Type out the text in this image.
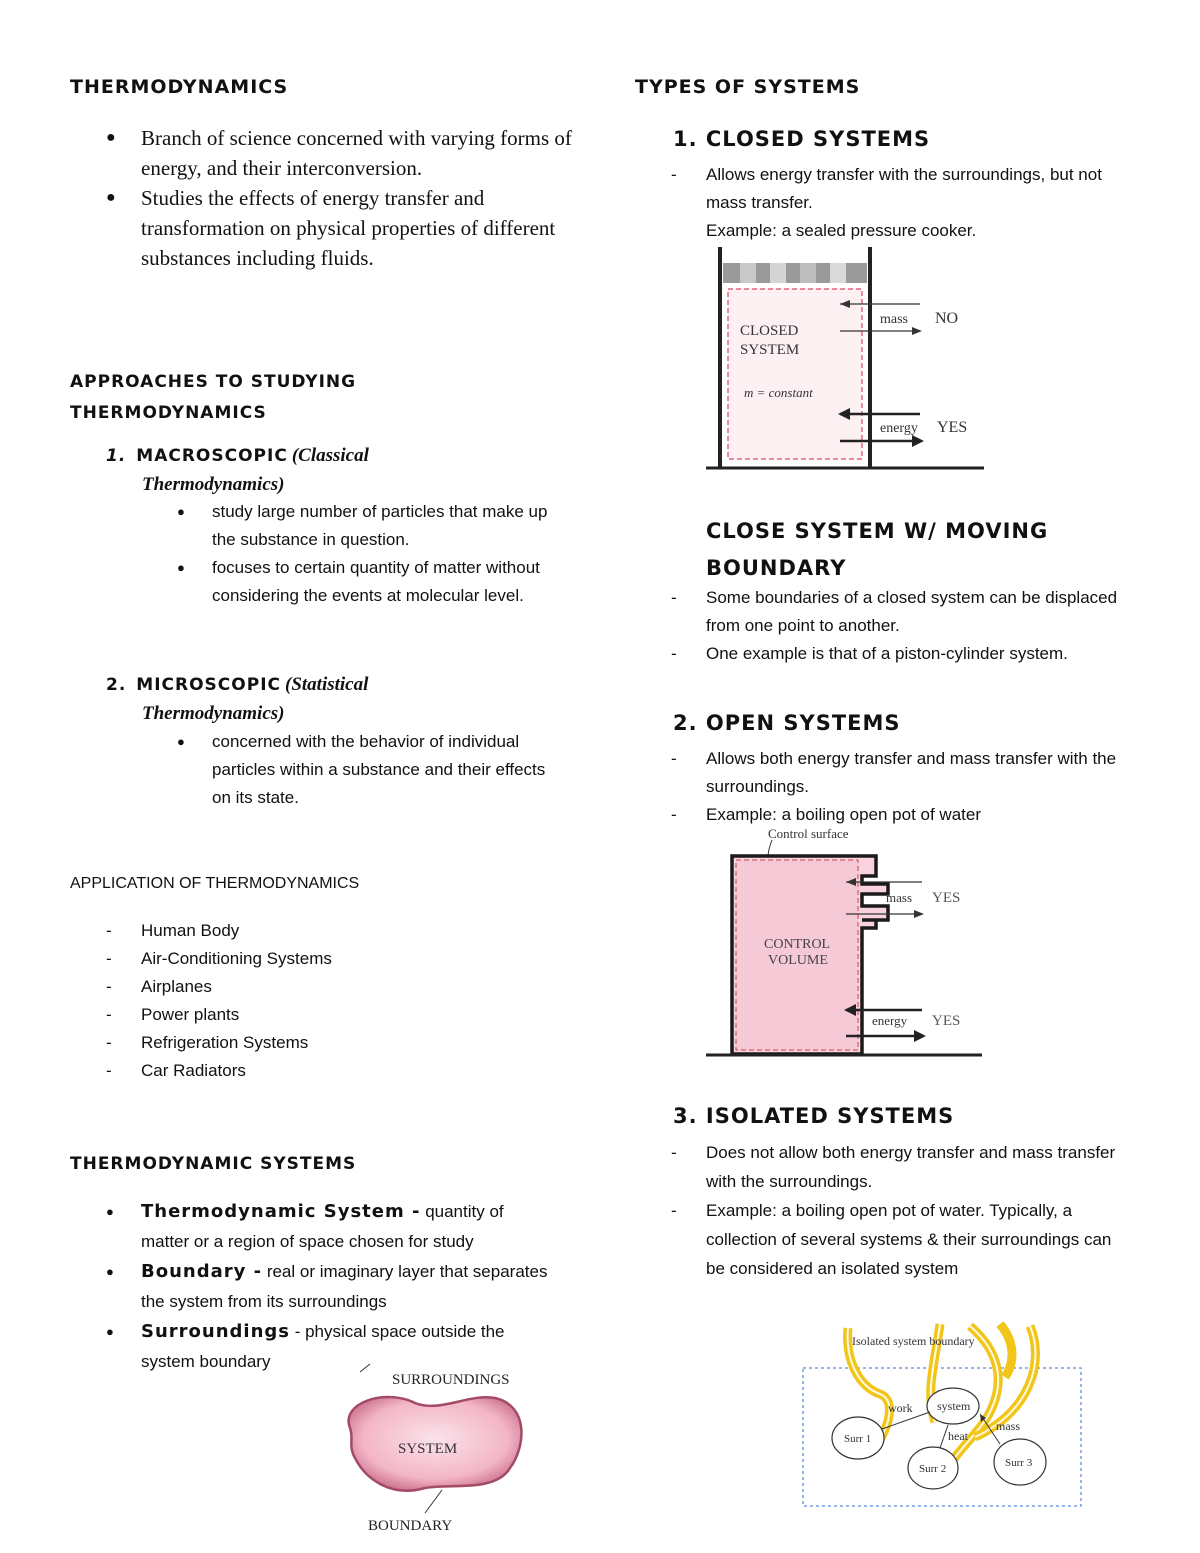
THERMODYNAMICS
● Branch of science concerned with varying forms of energy, and their interconversion.
● Studies the effects of energy transfer and transformation on physical properties of different substances including fluids.
APPROACHES TO STUDYING
THERMODYNAMICS
1. MACROSCOPIC (Classical
Thermodynamics)
● study large number of particles that make up the substance in question.
● focuses to certain quantity of matter without considering the events at molecular level.
2. MICROSCOPIC (Statistical
Thermodynamics)
● concerned with the behavior of individual particles within a substance and their effects on its state.
APPLICATION OF THERMODYNAMICS
- Human Body
- Air-Conditioning Systems
- Airplanes
- Power plants
- Refrigeration Systems
- Car Radiators
THERMODYNAMIC SYSTEMS
● Thermodynamic System - quantity of matter or a region of space chosen for study
● Boundary - real or imaginary layer that separates the system from its surroundings
● Surroundings - physical space outside the system boundary
SURROUNDINGS
SYSTEM
BOUNDARY
TYPES OF SYSTEMS
1. CLOSED SYSTEMS
- Allows energy transfer with the surroundings, but not mass transfer.
Example: a sealed pressure cooker.
CLOSED
SYSTEM
m = constant
mass NO
energy YES
CLOSE SYSTEM W/ MOVING
BOUNDARY
- Some boundaries of a closed system can be displaced from one point to another.
- One example is that of a piston-cylinder system.
2. OPEN SYSTEMS
- Allows both energy transfer and mass transfer with the surroundings.
- Example: a boiling open pot of water
Control surface
CONTROL
VOLUME
mass YES
energy YES
3. ISOLATED SYSTEMS
- Does not allow both energy transfer and mass transfer with the surroundings.
- Example: a boiling open pot of water. Typically, a collection of several systems & their surroundings can be considered an isolated system
Isolated system boundary
system
Surr 1
Surr 2	Surr 3
work
heat
mass
